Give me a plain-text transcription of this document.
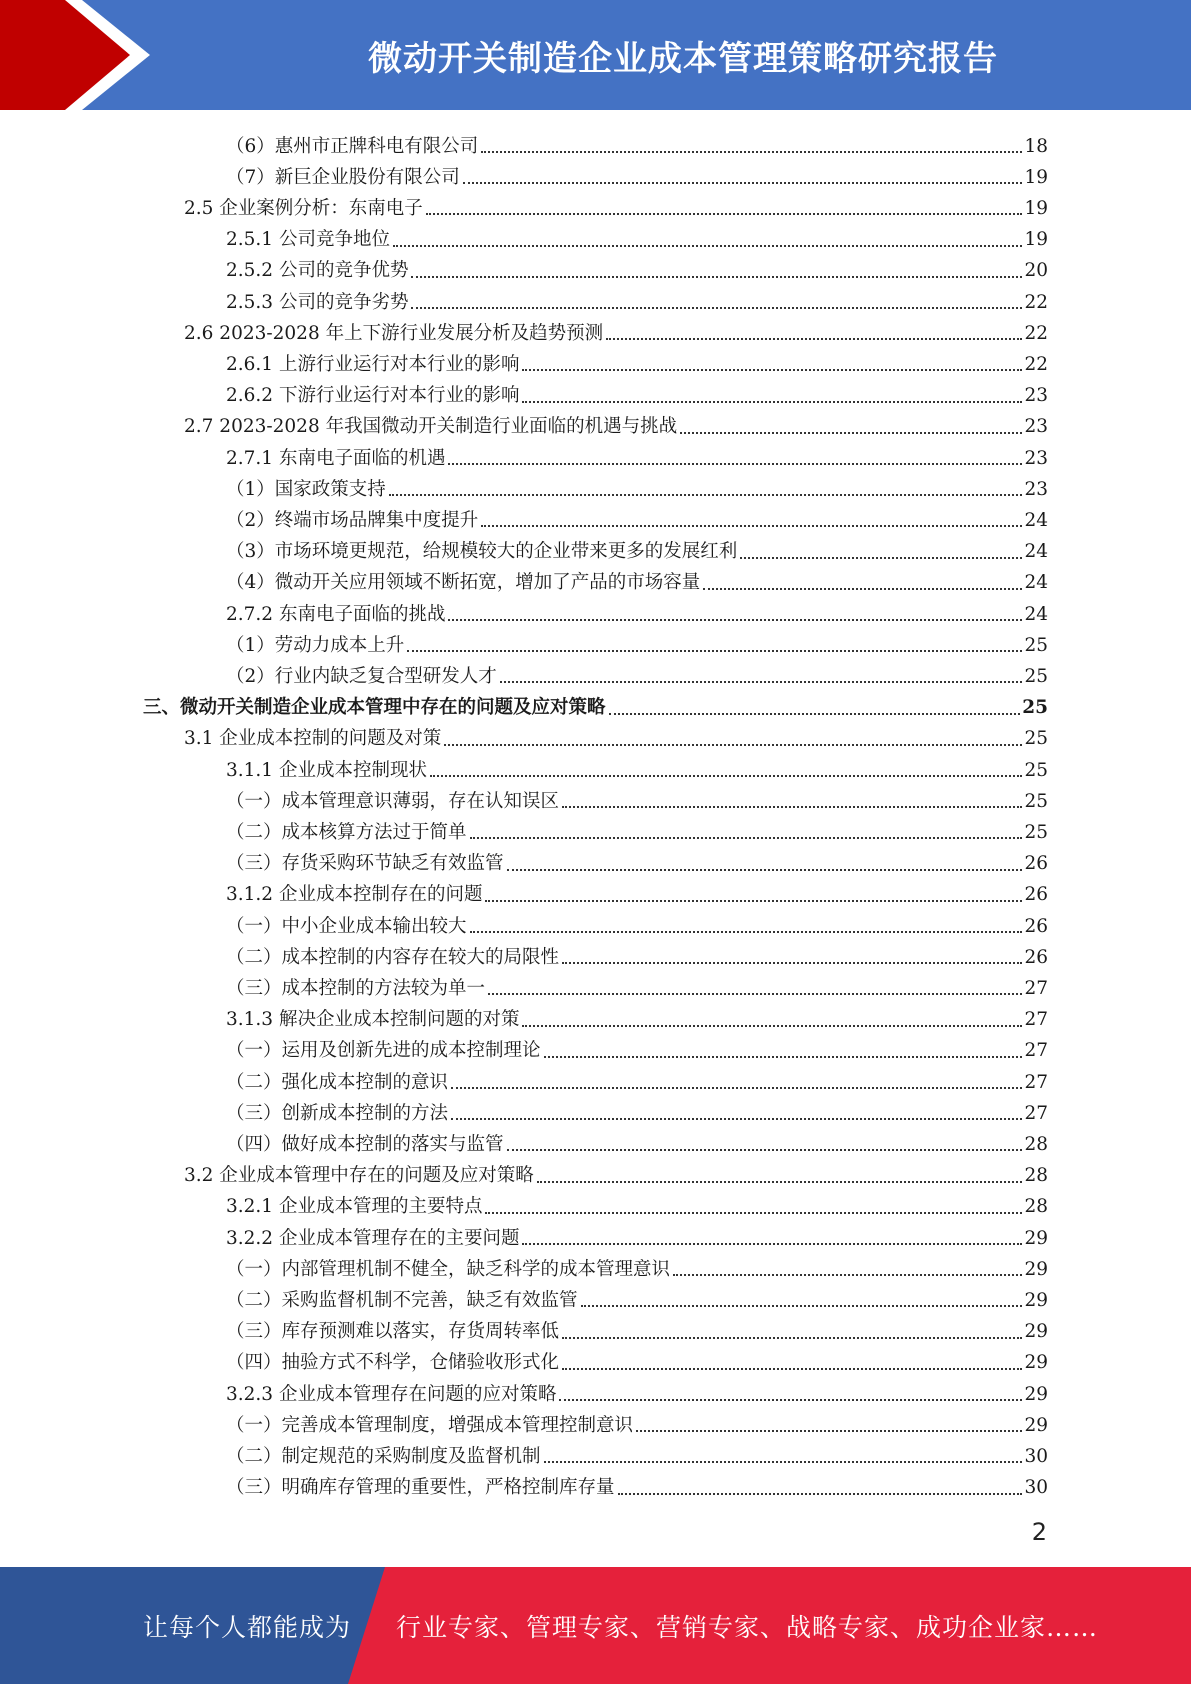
微动开关制造企业成本管理策略研究报告
（6）惠州市正牌科电有限公司	18
（7）新巨企业股份有限公司	19
2.5 企业案例分析：东南电子	19
2.5.1 公司竞争地位	19
2.5.2 公司的竞争优势	20
2.5.3 公司的竞争劣势	22
2.6 2023-2028 年上下游行业发展分析及趋势预测	22
2.6.1 上游行业运行对本行业的影响	22
2.6.2 下游行业运行对本行业的影响	23
2.7 2023-2028 年我国微动开关制造行业面临的机遇与挑战	23
2.7.1 东南电子面临的机遇	23
（1）国家政策支持	23
（2）终端市场品牌集中度提升	24
（3）市场环境更规范，给规模较大的企业带来更多的发展红利	24
（4）微动开关应用领域不断拓宽，增加了产品的市场容量	24
2.7.2 东南电子面临的挑战	24
（1）劳动力成本上升	25
（2）行业内缺乏复合型研发人才	25
三、微动开关制造企业成本管理中存在的问题及应对策略	25
3.1 企业成本控制的问题及对策	25
3.1.1 企业成本控制现状	25
（一）成本管理意识薄弱，存在认知误区	25
（二）成本核算方法过于简单	25
（三）存货采购环节缺乏有效监管	26
3.1.2 企业成本控制存在的问题	26
（一）中小企业成本输出较大	26
（二）成本控制的内容存在较大的局限性	26
（三）成本控制的方法较为单一	27
3.1.3 解决企业成本控制问题的对策	27
（一）运用及创新先进的成本控制理论	27
（二）强化成本控制的意识	27
（三）创新成本控制的方法	27
（四）做好成本控制的落实与监管	28
3.2 企业成本管理中存在的问题及应对策略	28
3.2.1 企业成本管理的主要特点	28
3.2.2 企业成本管理存在的主要问题	29
（一）内部管理机制不健全，缺乏科学的成本管理意识	29
（二）采购监督机制不完善，缺乏有效监管	29
（三）库存预测难以落实，存货周转率低	29
（四）抽验方式不科学，仓储验收形式化	29
3.2.3 企业成本管理存在问题的应对策略	29
（一）完善成本管理制度，增强成本管理控制意识	29
（二）制定规范的采购制度及监督机制	30
（三）明确库存管理的重要性，严格控制库存量	30
2
让每个人都能成为 行业专家、管理专家、营销专家、战略专家、成功企业家……
